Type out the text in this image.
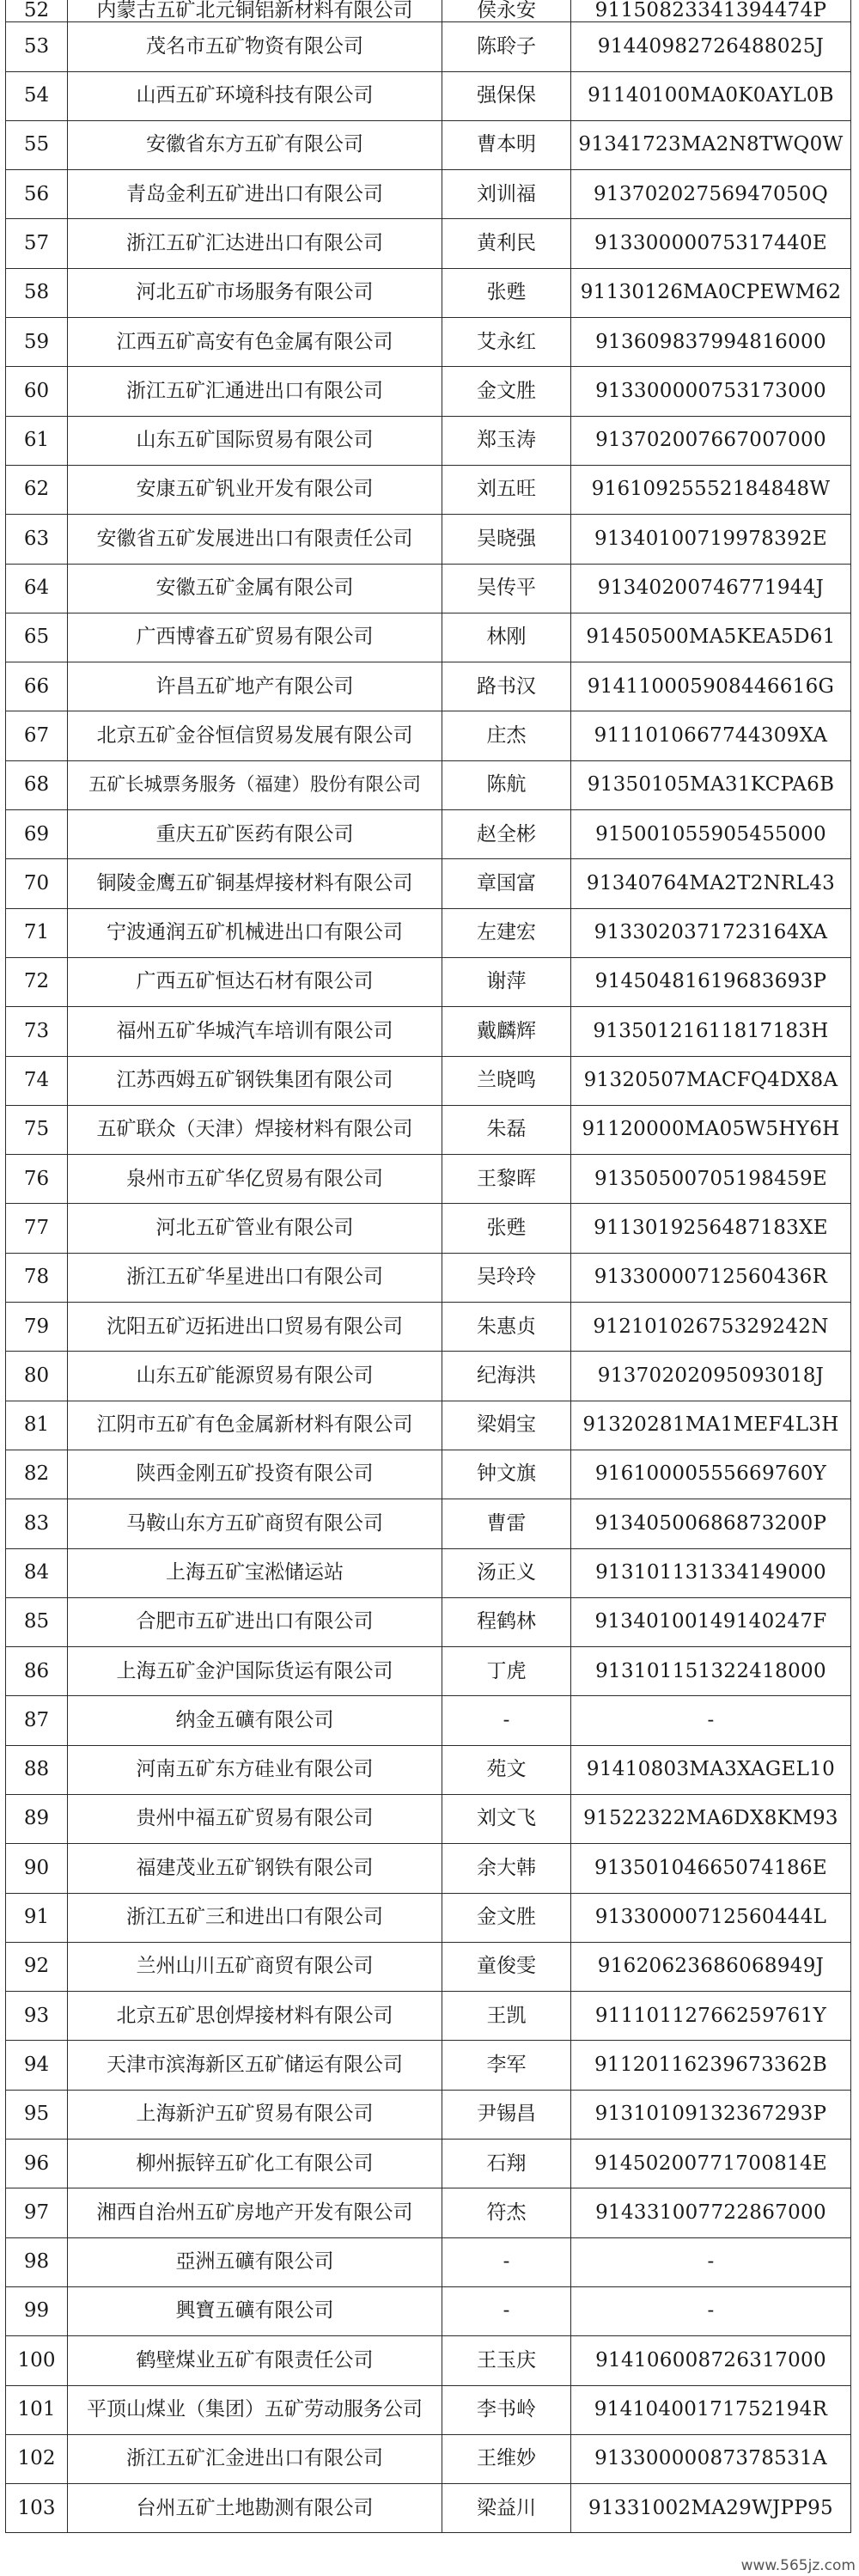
52	内蒙古五矿北元铜铝新材料有限公司	侯永安	91150823341394474P
53	茂名市五矿物资有限公司	陈聆子	91440982726488025J
54	山西五矿环境科技有限公司	强保保	91140100MA0K0AYL0B
55	安徽省东方五矿有限公司	曹本明	91341723MA2N8TWQ0W
56	青岛金利五矿进出口有限公司	刘训福	91370202756947050Q
57	浙江五矿汇达进出口有限公司	黄利民	91330000075317440E
58	河北五矿市场服务有限公司	张甦	91130126MA0CPEWM62
59	江西五矿高安有色金属有限公司	艾永红	913609837994816000
60	浙江五矿汇通进出口有限公司	金文胜	913300000753173000
61	山东五矿国际贸易有限公司	郑玉涛	913702007667007000
62	安康五矿钒业开发有限公司	刘五旺	91610925552184848W
63	安徽省五矿发展进出口有限责任公司	吴晓强	91340100719978392E
64	安徽五矿金属有限公司	吴传平	91340200746771944J
65	广西博睿五矿贸易有限公司	林刚	91450500MA5KEA5D61
66	许昌五矿地产有限公司	路书汉	914110005908446616G
67	北京五矿金谷恒信贸易发展有限公司	庄杰	9111010667744309XA
68	五矿长城票务服务（福建）股份有限公司	陈航	91350105MA31KCPA6B
69	重庆五矿医药有限公司	赵全彬	915001055905455000
70	铜陵金鹰五矿铜基焊接材料有限公司	章国富	91340764MA2T2NRL43
71	宁波通润五矿机械进出口有限公司	左建宏	9133020371723164XA
72	广西五矿恒达石材有限公司	谢萍	91450481619683693P
73	福州五矿华城汽车培训有限公司	戴麟辉	91350121611817183H
74	江苏西姆五矿钢铁集团有限公司	兰晓鸣	91320507MACFQ4DX8A
75	五矿联众（天津）焊接材料有限公司	朱磊	91120000MA05W5HY6H
76	泉州市五矿华亿贸易有限公司	王黎晖	91350500705198459E
77	河北五矿管业有限公司	张甦	9113019256487183XE
78	浙江五矿华星进出口有限公司	吴玲玲	91330000712560436R
79	沈阳五矿迈拓进出口贸易有限公司	朱惠贞	91210102675329242N
80	山东五矿能源贸易有限公司	纪海洪	91370202095093018J
81	江阴市五矿有色金属新材料有限公司	梁娟宝	91320281MA1MEF4L3H
82	陕西金刚五矿投资有限公司	钟文旗	91610000555669760Y
83	马鞍山东方五矿商贸有限公司	曹雷	91340500686873200P
84	上海五矿宝淞储运站	汤正义	913101131334149000
85	合肥市五矿进出口有限公司	程鹤林	91340100149140247F
86	上海五矿金沪国际货运有限公司	丁虎	913101151322418000
87	纳金五礦有限公司	-	-
88	河南五矿东方硅业有限公司	苑文	91410803MA3XAGEL10
89	贵州中福五矿贸易有限公司	刘文飞	91522322MA6DX8KM93
90	福建茂业五矿钢铁有限公司	余大韩	91350104665074186E
91	浙江五矿三和进出口有限公司	金文胜	91330000712560444L
92	兰州山川五矿商贸有限公司	童俊雯	91620623686068949J
93	北京五矿思创焊接材料有限公司	王凯	91110112766259761Y
94	天津市滨海新区五矿储运有限公司	李军	91120116239673362B
95	上海新沪五矿贸易有限公司	尹锡昌	91310109132367293P
96	柳州振锌五矿化工有限公司	石翔	91450200771700814E
97	湘西自治州五矿房地产开发有限公司	符杰	914331007722867000
98	亞洲五礦有限公司	-	-
99	興寶五礦有限公司	-	-
100	鹤壁煤业五矿有限责任公司	王玉庆	914106008726317000
101	平顶山煤业（集团）五矿劳动服务公司	李书岭	91410400171752194R
102	浙江五矿汇金进出口有限公司	王维妙	91330000087378531A
103	台州五矿土地勘测有限公司	梁益川	91331002MA29WJPP95
www.565jz.com
